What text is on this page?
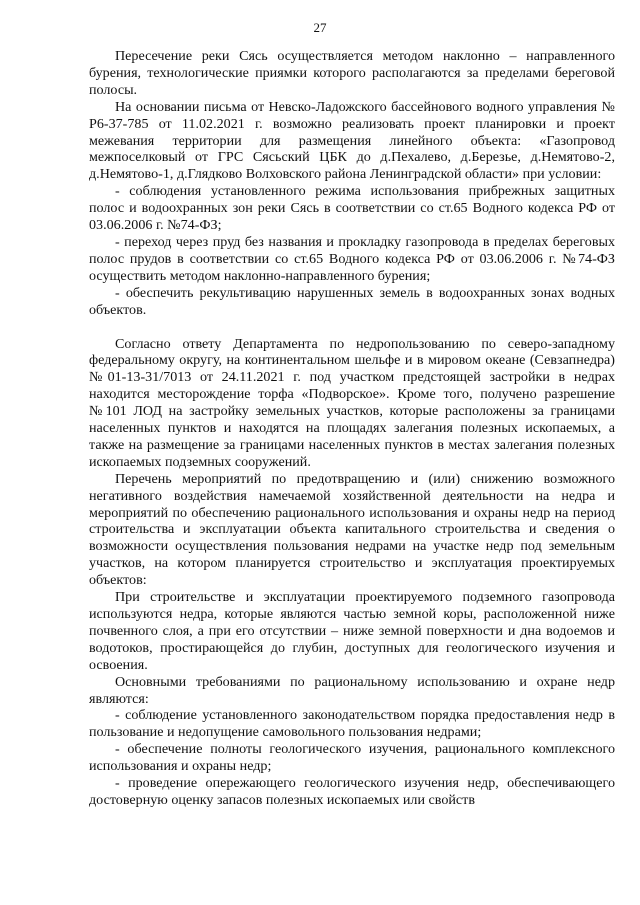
27

Пересечение реки Сясь осуществляется методом наклонно – направленного бурения, технологические приямки которого располагаются за пределами береговой полосы.

На основании письма от Невско-Ладожского бассейнового водного управления № Р6-37-785 от 11.02.2021 г. возможно реализовать проект планировки и проект межевания территории для размещения линейного объекта: «Газопровод межпоселковый от ГРС Сясьский ЦБК до д.Пехалево, д.Березье, д.Немятово-2, д.Немятово-1, д.Глядково Волховского района Ленинградской области» при условии:

- соблюдения установленного режима использования прибрежных защитных полос и водоохранных зон реки Сясь в соответствии со ст.65 Водного кодекса РФ от 03.06.2006 г. №74-ФЗ;

- переход через пруд без названия и прокладку газопровода в пределах береговых полос прудов в соответствии со ст.65 Водного кодекса РФ от 03.06.2006 г. №74-ФЗ осуществить методом наклонно-направленного бурения;

- обеспечить рекультивацию нарушенных земель в водоохранных зонах водных объектов.

Согласно ответу Департамента по недропользованию по северо-западному федеральному округу, на континентальном шельфе и в мировом океане (Севзапнедра) №01-13-31/7013 от 24.11.2021 г. под участком предстоящей застройки в недрах находится месторождение торфа «Подворское». Кроме того, получено разрешение №101 ЛОД на застройку земельных участков, которые расположены за границами населенных пунктов и находятся на площадях залегания полезных ископаемых, а также на размещение за границами населенных пунктов в местах залегания полезных ископаемых подземных сооружений.

Перечень мероприятий по предотвращению и (или) снижению возможного негативного воздействия намечаемой хозяйственной деятельности на недра и мероприятий по обеспечению рационального использования и охраны недр на период строительства и эксплуатации объекта капитального строительства и сведения о возможности осуществления пользования недрами на участке недр под земельным участков, на котором планируется строительство и эксплуатация проектируемых объектов:

При строительстве и эксплуатации проектируемого подземного газопровода используются недра, которые являются частью земной коры, расположенной ниже почвенного слоя, а при его отсутствии – ниже земной поверхности и дна водоемов и водотоков, простирающейся до глубин, доступных для геологического изучения и освоения.

Основными требованиями по рациональному использованию и охране недр являются:

- соблюдение установленного законодательством порядка предоставления недр в пользование и недопущение самовольного пользования недрами;

- обеспечение полноты геологического изучения, рационального комплексного использования и охраны недр;

- проведение опережающего геологического изучения недр, обеспечивающего достоверную оценку запасов полезных ископаемых или свойств
